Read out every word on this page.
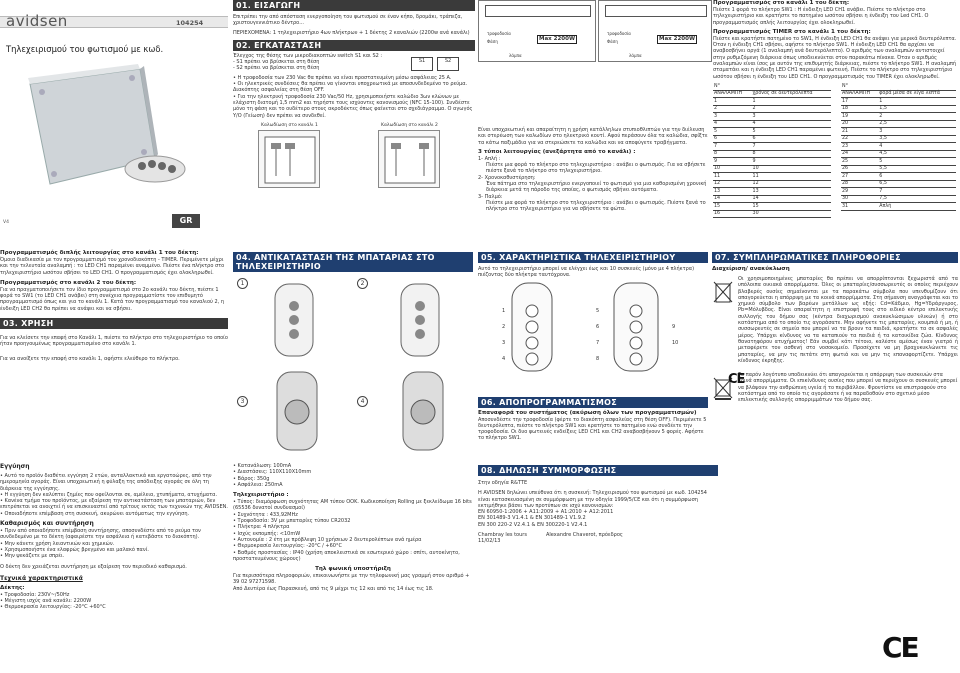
avidsen	104254
Τηλεχειρισμού του φωτισμού με κωδ.
GR
V4
01. ΕΙΣΑΓΩΓΗ
Επιτρέπει την από απόσταση ενεργοποίηση του φωτισμού σε έναν κήπο, δρομάκι, τράπεζα, χριστουγεννιάτικο δέντρο...
ΠΕΡΙΕΧΟΜΕΝΑ: 1 τηλεχειριστήριο 4ων πλήκτρων + 1 δέκτης 2 καναλιών (2200w ανά κανάλι)
02. ΕΓΚΑΤΑΣΤΑΣΗ
Έλεγχος της θέσης των μικροδιακοπτών switch S1 και S2 :
- S1 πρέπει να βρίσκεται στη θέση
- S2 πρέπει να βρίσκεται στη θέση
S1	S2
• Η τροφοδοσία των 230 Vac θα πρέπει να είναι προστατευμένη μέσω ασφάλειας 25 A.
• Οι ηλεκτρικές συνδέσεις θα πρέπει να γίνονται υποχρεωτικά με αποσυνδεδεμένο το ρεύμα. Διακόπτης ασφαλείας στη θέση OFF.
• Για την ηλεκτρική τροφοδοσία 230 Vac/50 Hz, χρησιμοποιήστε καλώδιο 3ων κλώνων με ελάχιστη διατομή 1,5 mm2 και τηρήστε τους ισχύοντες κανονισμούς (NFC 15-100). Συνδέστε μόνο τη φάση και το ουδέτερο στους ακροδέκτες όπως φαίνεται στο σχεδιάγραμμα. Ο αγωγός Υ/Ο (Γείωση) δεν πρέπει να συνδεθεί.
Καλωδίωση στο κανάλι 1	Καλωδίωση στο κανάλι 2
Max 2200W
τροφοδοσία
Φάση
λάμπα
Max 2200W
τροφοδοσία
Φάση
λάμπα
Είναι υποχρεωτική και απαραίτητη η χρήση κατάλληλων στυπιοθλιπτών για την διέλευση και στερέωση των καλωδίων στο ηλεκτρικό κουτί. Αφού περάσουν όλα τα καλώδια, σφίξτε τα κάτω παξιμάδια για να στερεώσετε τα καλώδια και να αποφύγετε τραβήγματα.
3 τύποι λειτουργίας (ανεξάρτητα από το κανάλι) :
1- Απλή :
Πιέστε μια φορά το πλήκτρο στο τηλεχειριστήριο : ανάβει ο φωτισμός. Για να σβήσετε πιέστε ξανά το πλήκτρο στο τηλεχειριστήριο.
2- Χρονοκαθυστέρηση:
Ένα πάτημα στο τηλεχειριστήριο ενεργοποιεί το φωτισμό για μια καθορισμένη χρονική διάρκεια μετά τη πάροδο της οποίας, ο φωτισμός σβήνει αυτόματα.
3- Παλμό:
Πιέστε μια φορά το πλήκτρο στο τηλεχειριστήριο : ανάβει ο φωτισμός. Πιέστε ξανά το πλήκτρο στο τηλεχειριστήριο για να σβήσετε τα φώτα.
Προγραμματισμός στο κανάλι 1 του δέκτη:
Πιέστε 1 φορά το πλήκτρο SW1 : Η ένδειξη LED CH1 ανάβει. Πιέστε το πλήκτρο στο τηλεχειριστήριο και κρατήστε το πατημένο ωσότου σβήσει η ένδειξη του Led CH1. Ο προγραμματισμός απλής λειτουργίας έχει ολοκληρωθεί.
Προγραμματισμός TIMER στο κανάλι 1 του δέκτη:
Πιέστε και κρατήστε πατημένο το SW1, Η ένδειξη LED CH1 θα ανάψει για μερικά δευτερόλεπτα. Όταν η ένδειξη CH1 σβήσει, αφήστε το πλήκτρο SW1. Η ένδειξη LED CH1 θα αρχίσει να αναβοσβήνει αργά (1 αναλαμπή ανά δευτερόλεπτο). Ο αριθμός των αναλαμπών αντιστοιχεί στην ρυθμιζόμενη διάρκεια όπως υποδεικνύεται στον παρακάτω πίνακα. Όταν ο αριθμός αναλαμπών είναι ίσος με αυτόν της επιθυμητής διάρκειας, πιέστε το πλήκτρο SW1. Η αναλαμπή σταματάει και η ένδειξη LED CH1 παραμένει φωτεινή. Πιέστε το πλήκτρο στο τηλεχειριστήριο ωσότου σβήσει η ένδειξη του LED CH1. Ο προγραμματισμός του TIMER έχει ολοκληρωθεί.
N°	
ΑΝΑΛΑΜΠΗ	χρόνος σε δευτερόλεπτα
1	1
2	2
3	3
4	4
5	5
6	6
7	7
8	8
9	9
10	10
11	11
12	12
13	13
14	14
15	15
16	30
N°	
ΑΝΑΛΑΜΠΗ	φορά μέσα σε λίγα λεπτά
17	1
18	1,5
19	2
20	2,5
21	3
22	3,5
23	4
24	4,5
25	5
26	5,5
27	6
28	6,5
29	7
30	7,5
31	Απλή
Προγραμματισμός διπλής λειτουργίας στο κανάλι 1 του δέκτη:
Όμοια διαδικασία με τον προγραμματισμό του χρονοδιακόπτη - TIMER. Περιμένετε μέχρι και την τελευταία αναλαμπή : το LED CH1 παραμένει αναμμένο. Πιέστε ένα πλήκτρο στο τηλεχειριστήριο ωσότου σβήσει το LED CH1. Ο προγραμματισμός έχει ολοκληρωθεί.
Προγραμματισμός στο κανάλι 2 του δέκτη:
Για να πραγματοποιήσετε τον ίδιο προγραμματισμό στο 2ο κανάλι του δέκτη, πιέστε 1 φορά το SW1 (το LED CH1 ανάβει) στη συνέχεια προγραμματίστε τον επιθυμητό προγραμματισμό όπως και για το κανάλι 1. Κατά τον προγραμματισμό του καναλιού 2, η ένδειξη LED CH2 θα πρέπει να ανάψει και να σβήσει.
03. ΧΡΗΣΗ
Για να κλείσετε την επαφή στο Κανάλι 1, πιέστε το πλήκτρο στο τηλεχειριστήριο το οποίο ήταν προηγουμένως προγραμματισμένο στο κανάλι 1.
Για να ανοίξετε την επαφή στο κανάλι 1, αφήστε ελεύθερο το πλήκτρο.
04. ΑΝΤΙΚΑΤΑΣΤΑΣΗ ΤΗΣ ΜΠΑΤΑΡΙΑΣ ΣΤΟ ΤΗΛΕΧΕΙΡΙΣΤΗΡΙΟ
1	2
3	4
05. ΧΑΡΑΚΤΗΡΙΣΤΙΚΑ ΤΗΛΕΧΕΙΡΙΣΤΗΡΙΟΥ
Αυτό το τηλεχειριστήριο μπορεί να ελέγχει έως και 10 συσκευές (μόνο με 4 πλήκτρα) πιέζοντας δύο πλήκτρα ταυτόχρονα.
1
2
3
4
5
6
7
8
9
10
06. ΑΠΟΠΡΟΓΡΑΜΜΑΤΙΣΜΟΣ
Επαναφορά του συστήματος (ακύρωση όλων των προγραμματισμών)
Αποσυνδέστε την τροφοδοσία (φέρτε το διακόπτη ασφαλείας στη θέση OFF). Περιμένετε 5 δευτερόλεπτα, πιέστε το πλήκτρο SW1 και κρατήστε το πατημένο ενώ συνδέετε την τροφοδοσία. Οι δυο φωτεινές ενδείξεις LED CH1 και CH2 αναβοσβήνουν 5 φορές. Αφήστε το πλήκτρο SW1.
07. ΣΥΜΠΛΗΡΩΜΑΤΙΚΕΣ ΠΛΗΡΟΦΟΡΙΕΣ
Διαχείριση/ ανακύκλωση
Οι χρησιμοποιημένες μπαταρίες θα πρέπει να απορρίπτονται ξεχωριστά από τα υπόλοιπα οικιακά απορρίμματα. Όλες οι μπαταρίες/συσσωρευτές οι οποίες περιέχουν βλαβερές ουσίες σημαίνονται με τα παρακάτω σύμβολα που υπενθυμίζουν ότι απαγορεύεται η απόρριψη με τα κοινά απορρίμματα. Στη σήμανση αναγράφεται και το χημικό σύμβολο των βαρέων μετάλλων ως εξής: Cd=Κάδμιο, Hg=Υδράργυρος, Pb=Μόλυβδος. Είναι απαραίτητη η επιστροφή τους στο ειδικό κέντρο επιλεκτικής συλλογής του δήμου σας (κέντρα διαχωρισμού ανακυκλώσιμων υλικών) ή στο κατάστημα από το οποίο τις αγοράσατε. Μην αφήνετε τις μπαταρίες, κουμπιά ή μη, ή συσσωρευτές σε σημεία που μπορεί να τα βρουν τα παιδιά, κρατήστε τα σε ασφαλές μέρος. Υπάρχει κίνδυνος να τα καταπιούν τα παιδιά ή τα κατοικίδια ζώα. Κίνδυνος θανατηφόρου ατυχήματος! Εάν συμβεί κάτι τέτοιο, καλέστε αμέσως έναν γιατρό ή μεταφέρετε τον ασθενή στο νοσοκομείο. Προσέχετε να μη βραχυκυκλώνετε τις μπαταρίες, να μην τις πετάτε στη φωτιά και να μην τις επαναφορτίζετε. Υπάρχει κίνδυνος έκρηξης.
Το παρόν λογότυπο υποδεικνύει ότι απαγορεύεται η απόρριψη των συσκευών στα κοινά απορρίμματα. Οι επικίνδυνες ουσίες που μπορεί να περιέχουν οι συσκευές μπορεί να βλάψουν την ανθρώπινη υγεία ή το περιβάλλον. Φροντίστε να επιστραφούν στο κατάστημα από το οποίο τις αγοράσατε ή να παραδοθούν στο σχετικό μέσο επιλεκτικής συλλογής απορριμμάτων του δήμου σας.
Εγγύηση
• Αυτό το προϊόν διαθέτει εγγύηση 2 ετών, ανταλλακτικά και εργατοώρες, από την ημερομηνία αγοράς. Είναι υποχρεωτική η φύλαξη της απόδειξης αγοράς σε όλη τη διάρκεια της εγγύησης.
• Η εγγύηση δεν καλύπτει ζημίες που οφείλονται σε, αμέλεια, χτυπήματα, ατυχήματα.
• Κανένα τμήμα του προϊόντος, με εξαίρεση την αντικατάσταση των μπαταριών, δεν επιτρέπεται να ανοιχτεί ή να επισκευαστεί από τρίτους εκτός των τεχνικών της AVIDSEN.
• Οποιαδήποτε επέμβαση στη συσκευή, ακυρώνει αυτόματως την εγγύηση.
Καθαρισμός και συντήρηση
• Πριν από οποιαδήποτε επέμβαση συντήρησης, αποσυνδέστε από το ρεύμα τον συνδεδεμένο με το δέκτη (αφαιρέστε την ασφάλεια ή κατεβάστε το διακόπτη).
• Μην κάνετε χρήση λειαντικών και χημικών.
• Χρησιμοποιήστε ένα ελαφρώς βρεγμένο και μαλακό πανί.
• Μην ψεκάζετε με σπρέι.
Ο δέκτη δεν χρειάζεται συντήρηση με εξαίρεση τον περιοδικό καθαρισμό.
Τεχνικά χαρακτηριστικά
Δέκτης:
• Τροφοδοσία: 230V~/50Hz
• Μέγιστη ισχύς ανά κανάλι: 2200W
• Θερμοκρασία λειτουργίας: -20°C +60°C
• Κατανάλωση: 100mA
• Διαστάσεις: 110X110X10mm
• Βάρος: 350g
• Ασφάλεια: 250mA
Τηλεχειριστήριο :
• Τύπος: διαμόρφωση συχνότητας AM τύπου OOK. Κωδικοποίηση Rolling με ξεκλείδωμα 16 bits (65536 δυνατοί συνδυασμοί)
• Συχνότητα : 433,92MHz
• Τροφοδοσία: 3V με μπαταρίες τύπου CR2032
• Πλήκτρα: 4 πλήκτρα
• Ισχύς εκπομπής: <10mW
• Αυτονομία : 2 έτη με πρόβλεψη 10 χρήσεων 2 δευτερολέπτων ανά ημέρα
• Θερμοκρασία λειτουργίας: -20°C / +60°C
• Βαθμός προστασίας : IP40 (χρήση αποκλειστικά σε εσωτερικό χώρο : σπίτι, αυτοκίνητο, προστατευμένους χώρους)
Τηλ φωνική υποστήριξη
Για περισσότερα πληροφοριών, επικοινωνήστε με την τηλεφωνική μας γραμμή στον αριθμό + 39 02 97271598.
Από Δευτέρα έως Παρασκευή, από τις 9 μέχρι τις 12 και από τις 14 έως τις 18.
08. ΔΗΛΩΣΗ ΣΥΜΜΟΡΦΩΣΗΣ
Στην οδηγία R&TTE
Η AVIDSEN δηλώνει υπεύθυνα ότι η συσκευή: Τηλεχειρισμού του φωτισμού με κωδ. 104254 είναι κατασκευασμένη σε συμμόρφωση με την οδηγία 1999/5/CE και ότι η συμμόρφωση εκτιμήθηκε βάσει των προτύπων σε ισχύ κανονισμών:
EN 60950-1:2006 + A11:2009 + A1:2010 + A12:2011
EN 301489-3 V1.4.1 & EN 301489-1 V1.9.2
EN 300 220-2 V2.4.1 & EN 300220-1 V2.4.1
Chambray les tours
11/02/13
Alexandre Chaverot, πρόεδρος
CE
CE
